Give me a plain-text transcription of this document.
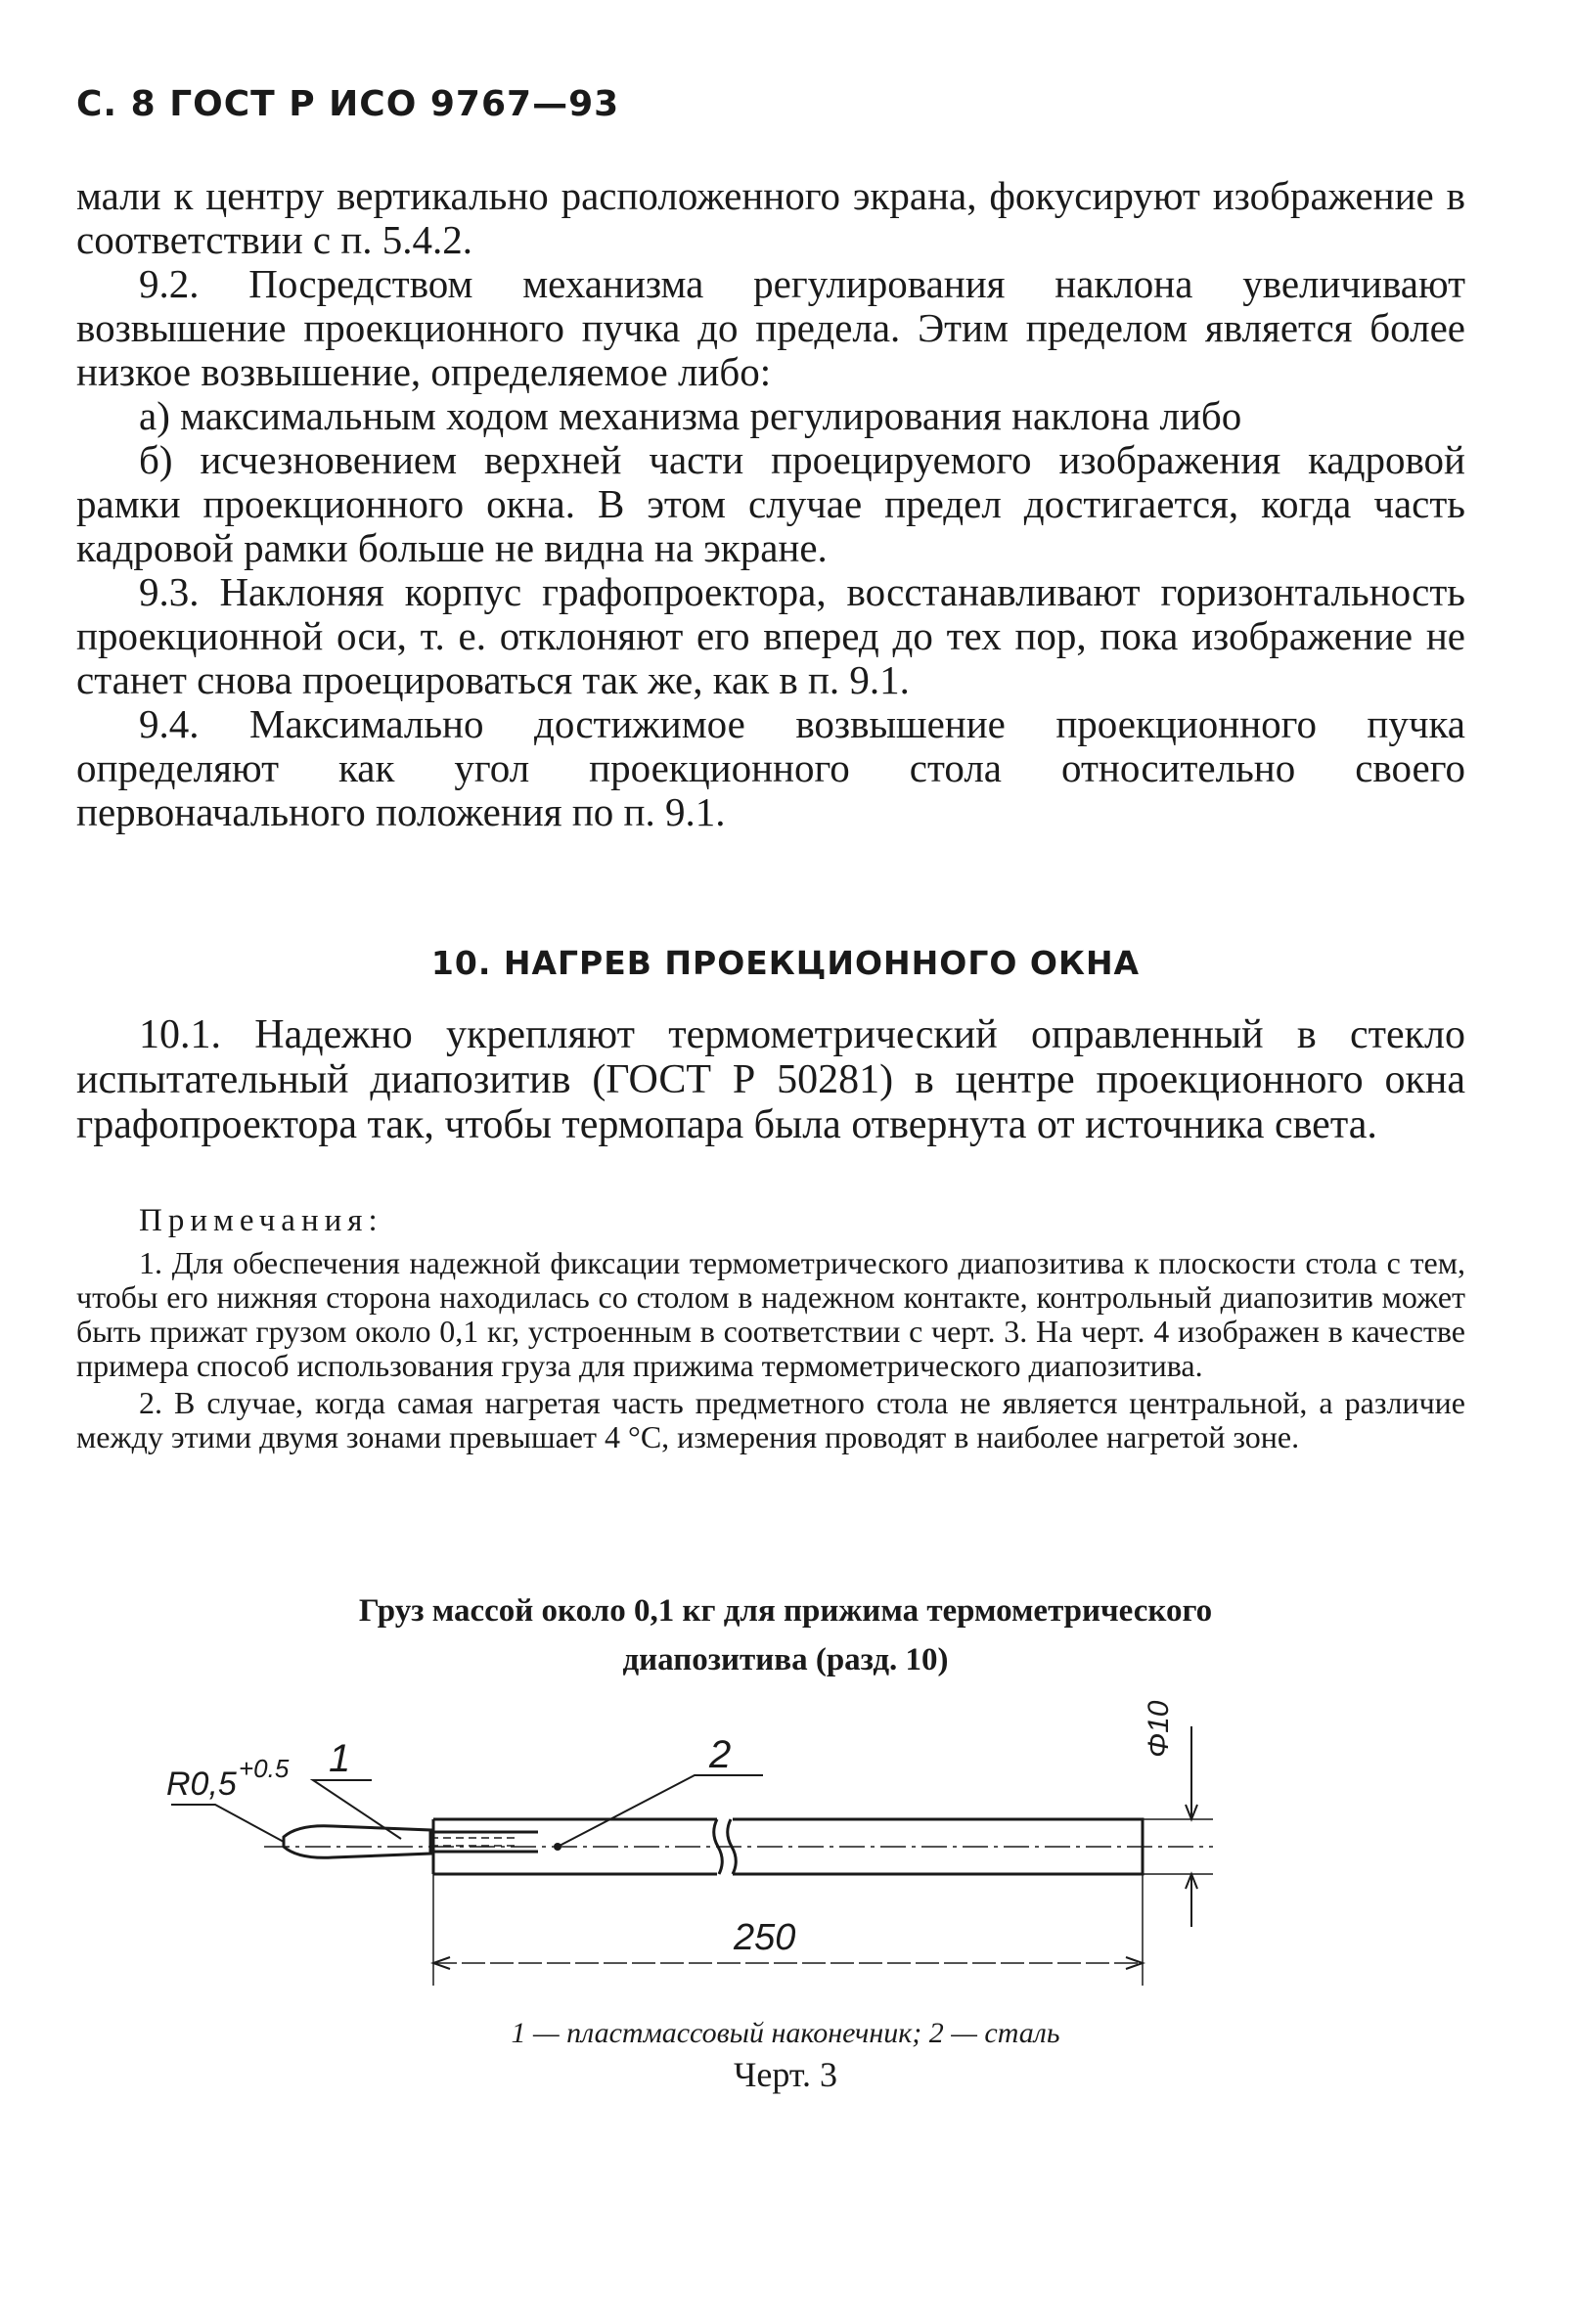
С. 8 ГОСТ Р ИСО 9767—93

мали к центру вертикально расположенного экрана, фокусируют изображение в соответствии с п. 5.4.2.

9.2. Посредством механизма регулирования наклона увеличивают возвышение проекционного пучка до предела. Этим пределом является более низкое возвышение, определяемое либо:

а) максимальным ходом механизма регулирования наклона либо

б) исчезновением верхней части проецируемого изображения кадровой рамки проекционного окна. В этом случае предел достигается, когда часть кадровой рамки больше не видна на экране.

9.3. Наклоняя корпус графопроектора, восстанавливают горизонтальность проекционной оси, т. е. отклоняют его вперед до тех пор, пока изображение не станет снова проецироваться так же, как в п. 9.1.

9.4. Максимально достижимое возвышение проекционного пучка определяют как угол проекционного стола относительно своего первоначального положения по п. 9.1.

10. НАГРЕВ ПРОЕКЦИОННОГО ОКНА

10.1. Надежно укрепляют термометрический оправленный в стекло испытательный диапозитив (ГОСТ Р 50281) в центре проекционного окна графопроектора так, чтобы термопара была отвернута от источника света.

Примечания:

1. Для обеспечения надежной фиксации термометрического диапозитива к плоскости стола с тем, чтобы его нижняя сторона находилась со столом в надежном контакте, контрольный диапозитив может быть прижат грузом около 0,1 кг, устроенным в соответствии с черт. 3. На черт. 4 изображен в качестве примера способ использования груза для прижима термометрического диапозитива.

2. В случае, когда самая нагретая часть предметного стола не является центральной, а различие между этими двумя зонами превышает 4 °С, измерения проводят в наиболее нагретой зоне.

Груз массой около 0,1 кг для прижима термометрического
диапозитива (разд. 10)
R0,5 +0.5 1	2
250
Φ10
1 — пластмассовый наконечник; 2 — сталь
Черт. 3
